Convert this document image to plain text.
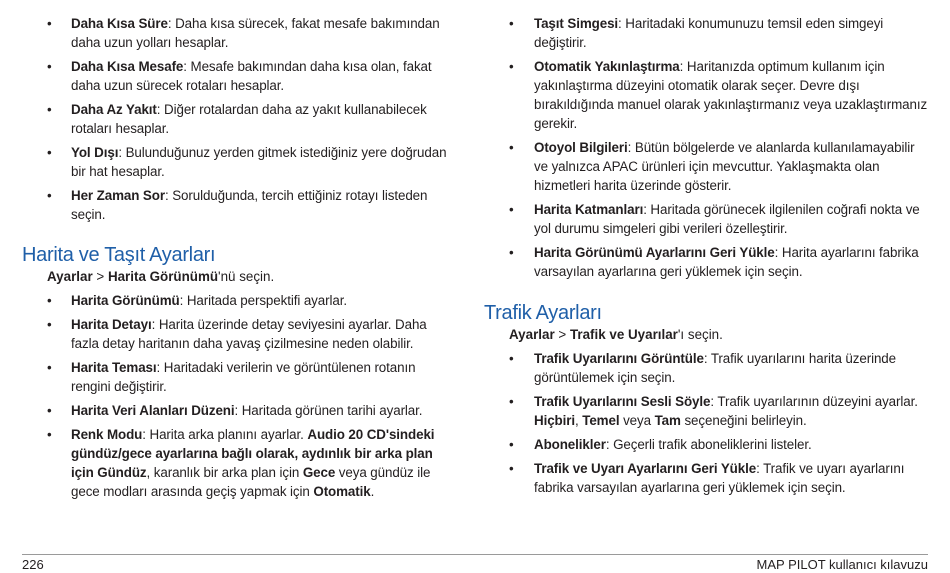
• Daha Kısa Süre: Daha kısa sürecek, fakat mesafe bakımından daha uzun yolları hesaplar.
• Daha Kısa Mesafe: Mesafe bakımından daha kısa olan, fakat daha uzun sürecek rotaları hesaplar.
• Daha Az Yakıt: Diğer rotalardan daha az yakıt kullanabilecek rotaları hesaplar.
• Yol Dışı: Bulunduğunuz yerden gitmek istediğiniz yere doğrudan bir hat hesaplar.
• Her Zaman Sor: Sorulduğunda, tercih ettiğiniz rotayı listeden seçin.
Harita ve Taşıt Ayarları

Ayarlar > Harita Görünümü'nü seçin.

• Harita Görünümü: Haritada perspektifi ayarlar.
• Harita Detayı: Harita üzerinde detay seviyesini ayarlar. Daha fazla detay haritanın daha yavaş çizilmesine neden olabilir.
• Harita Teması: Haritadaki verilerin ve görüntülenen rotanın rengini değiştirir.
• Harita Veri Alanları Düzeni: Haritada görünen tarihi ayarlar.
• Renk Modu: Harita arka planını ayarlar. Audio 20 CD'sindeki gündüz/gece ayarlarına bağlı olarak, aydınlık bir arka plan için Gündüz, karanlık bir arka plan için Gece veya gündüz ile gece modları arasında geçiş yapmak için Otomatik.
• Taşıt Simgesi: Haritadaki konumunuzu temsil eden simgeyi değiştirir.
• Otomatik Yakınlaştırma: Haritanızda optimum kullanım için yakınlaştırma düzeyini otomatik olarak seçer. Devre dışı bırakıldığında manuel olarak yakınlaştırmanız veya uzaklaştırmanız gerekir.
• Otoyol Bilgileri: Bütün bölgelerde ve alanlarda kullanılamayabilir ve yalnızca APAC ürünleri için mevcuttur. Yaklaşmakta olan hizmetleri harita üzerinde gösterir.
• Harita Katmanları: Haritada görünecek ilgilenilen coğrafi nokta ve yol durumu simgeleri gibi verileri özelleştirir.
• Harita Görünümü Ayarlarını Geri Yükle: Harita ayarlarını fabrika varsayılan ayarlarına geri yüklemek için seçin.
Trafik Ayarları

Ayarlar > Trafik ve Uyarılar'ı seçin.

• Trafik Uyarılarını Görüntüle: Trafik uyarılarını harita üzerinde görüntülemek için seçin.
• Trafik Uyarılarını Sesli Söyle: Trafik uyarılarının düzeyini ayarlar. Hiçbiri, Temel veya Tam seçeneğini belirleyin.
• Abonelikler: Geçerli trafik aboneliklerini listeler.
• Trafik ve Uyarı Ayarlarını Geri Yükle: Trafik ve uyarı ayarlarını fabrika varsayılan ayarlarına geri yüklemek için seçin.
226	MAP PILOT kullanıcı kılavuzu
